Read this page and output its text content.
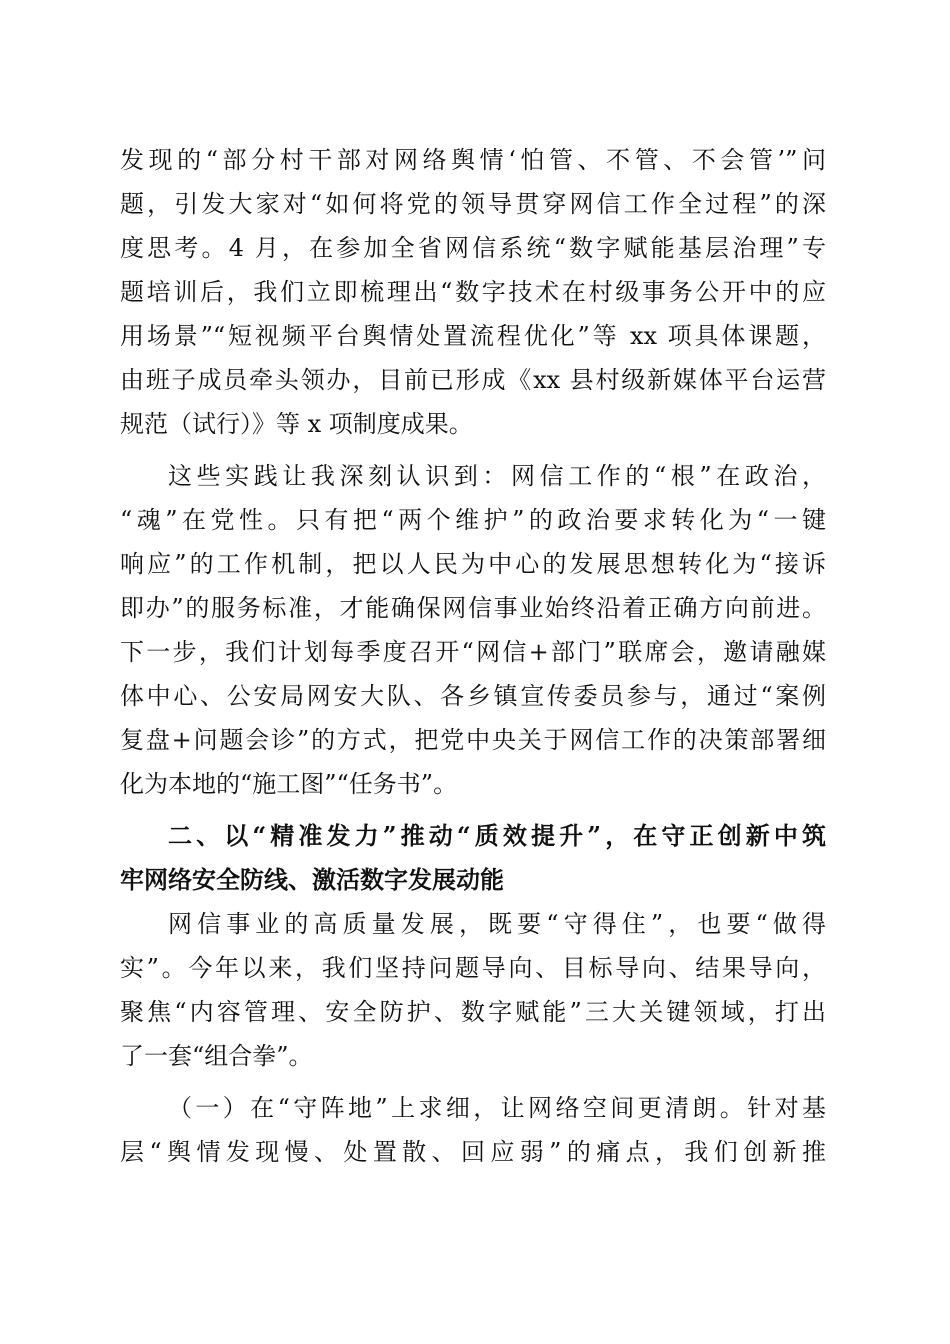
发现的“部分村干部对网络舆情‘怕管、不管、不会管’”问
题，引发大家对“如何将党的领导贯穿网信工作全过程”的深
度思考。4 月，在参加全省网信系统“数字赋能基层治理”专
题培训后，我们立即梳理出“数字技术在村级事务公开中的应
用场景”“短视频平台舆情处置流程优化”等 xx 项具体课题，
由班子成员牵头领办，目前已形成《xx 县村级新媒体平台运营
规范（试行）》等 x 项制度成果。
这些实践让我深刻认识到：网信工作的“根”在政治，
“魂”在党性。只有把“两个维护”的政治要求转化为“一键
响应”的工作机制，把以人民为中心的发展思想转化为“接诉
即办”的服务标准，才能确保网信事业始终沿着正确方向前进。
下一步，我们计划每季度召开“网信+部门”联席会，邀请融媒
体中心、公安局网安大队、各乡镇宣传委员参与，通过“案例
复盘+问题会诊”的方式，把党中央关于网信工作的决策部署细
化为本地的“施工图”“任务书”。
二、以“精准发力”推动“质效提升”，在守正创新中筑
牢网络安全防线、激活数字发展动能
网信事业的高质量发展，既要“守得住”，也要“做得
实”。今年以来，我们坚持问题导向、目标导向、结果导向，
聚焦“内容管理、安全防护、数字赋能”三大关键领域，打出
了一套“组合拳”。
（一）在“守阵地”上求细，让网络空间更清朗。针对基
层“舆情发现慢、处置散、回应弱”的痛点，我们创新推
